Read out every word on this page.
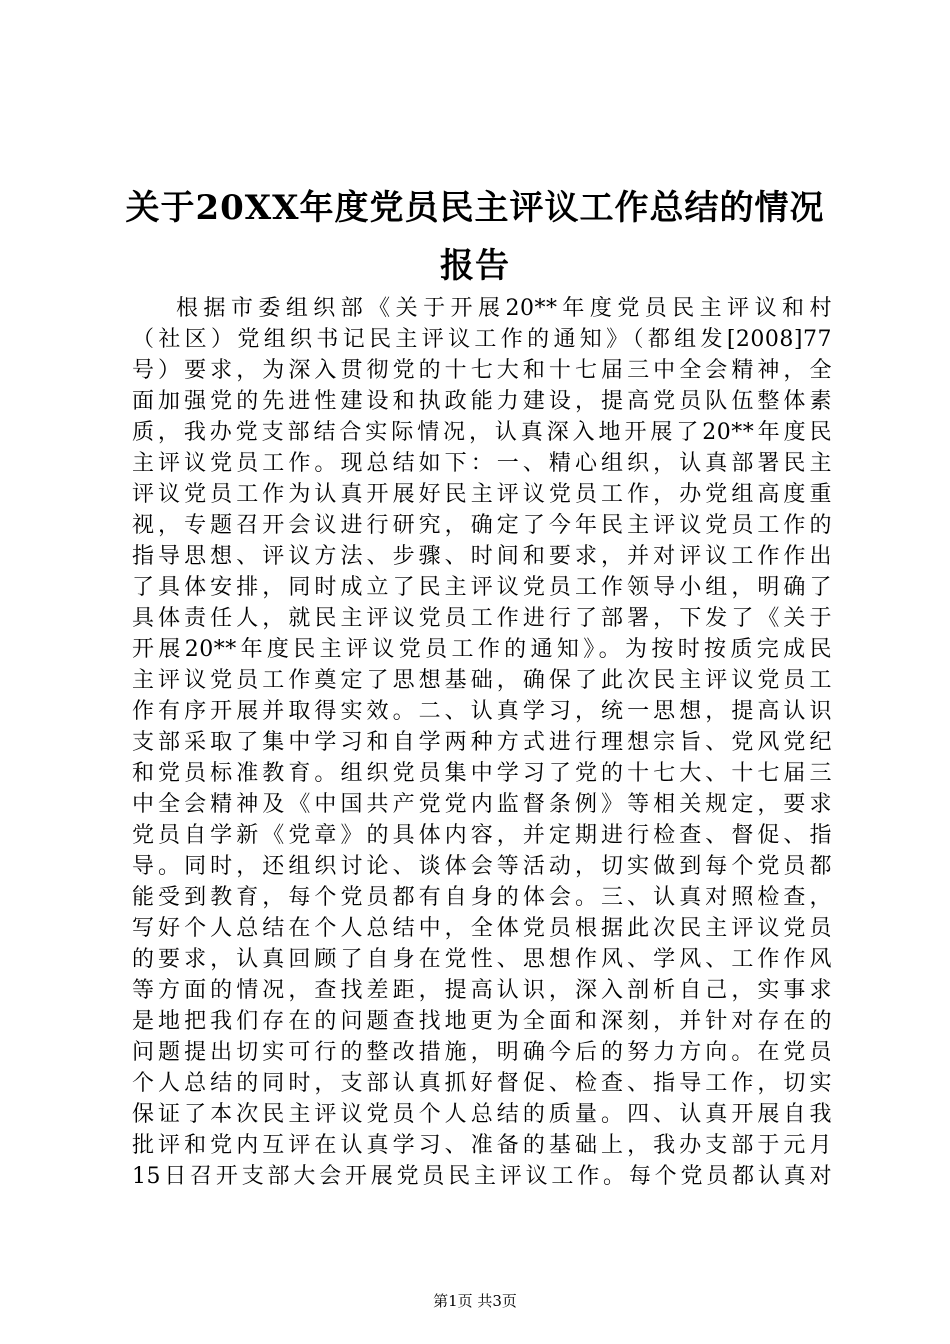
关于20XX年度党员民主评议工作总结的情况
报告
根据市委组织部《关于开展20**年度党员民主评议和村
（社区）党组织书记民主评议工作的通知》（都组发[2008]77
号）要求，为深入贯彻党的十七大和十七届三中全会精神，全
面加强党的先进性建设和执政能力建设，提高党员队伍整体素
质，我办党支部结合实际情况，认真深入地开展了20**年度民
主评议党员工作。现总结如下：一、精心组织，认真部署民主
评议党员工作为认真开展好民主评议党员工作，办党组高度重
视，专题召开会议进行研究，确定了今年民主评议党员工作的
指导思想、评议方法、步骤、时间和要求，并对评议工作作出
了具体安排，同时成立了民主评议党员工作领导小组，明确了
具体责任人，就民主评议党员工作进行了部署，下发了《关于
开展20**年度民主评议党员工作的通知》。为按时按质完成民
主评议党员工作奠定了思想基础，确保了此次民主评议党员工
作有序开展并取得实效。二、认真学习，统一思想，提高认识
支部采取了集中学习和自学两种方式进行理想宗旨、党风党纪
和党员标准教育。组织党员集中学习了党的十七大、十七届三
中全会精神及《中国共产党党内监督条例》等相关规定，要求
党员自学新《党章》的具体内容，并定期进行检查、督促、指
导。同时，还组织讨论、谈体会等活动，切实做到每个党员都
能受到教育，每个党员都有自身的体会。三、认真对照检查，
写好个人总结在个人总结中，全体党员根据此次民主评议党员
的要求，认真回顾了自身在党性、思想作风、学风、工作作风
等方面的情况，查找差距，提高认识，深入剖析自己，实事求
是地把我们存在的问题查找地更为全面和深刻，并针对存在的
问题提出切实可行的整改措施，明确今后的努力方向。在党员
个人总结的同时，支部认真抓好督促、检查、指导工作，切实
保证了本次民主评议党员个人总结的质量。四、认真开展自我
批评和党内互评在认真学习、准备的基础上，我办支部于元月
15日召开支部大会开展党员民主评议工作。每个党员都认真对
第1页 共3页
